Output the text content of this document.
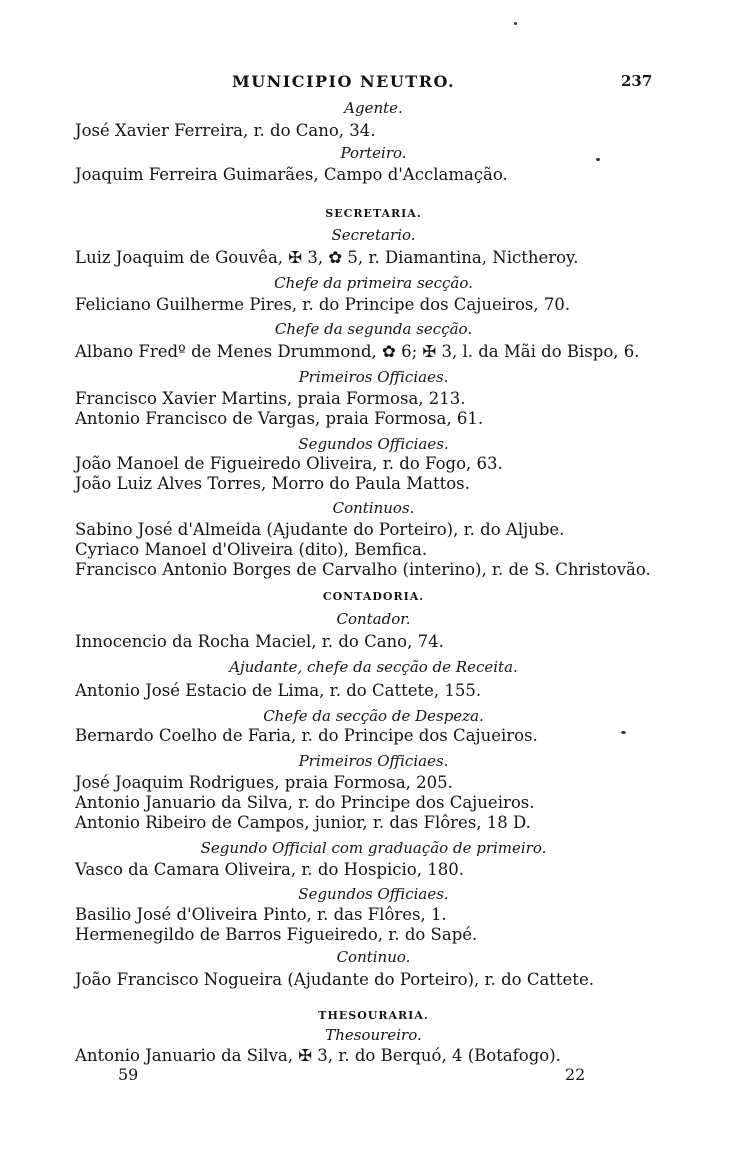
MUNICIPIO NEUTRO.	237
Agente.
José Xavier Ferreira, r. do Cano, 34.
Porteiro.
Joaquim Ferreira Guimarães, Campo d'Acclamação.
SECRETARIA.
Secretario.
Luiz Joaquim de Gouvêa, ✠ 3, ✿ 5, r. Diamantina, Nictheroy.
Chefe da primeira secção.
Feliciano Guilherme Pires, r. do Principe dos Cajueiros, 70.
Chefe da segunda secção.
Albano Fredº de Menes Drummond, ✿ 6; ✠ 3, l. da Mãi do Bispo, 6.
Primeiros Officiaes.
Francisco Xavier Martins, praia Formosa, 213.
Antonio Francisco de Vargas, praia Formosa, 61.
Segundos Officiaes.
João Manoel de Figueiredo Oliveira, r. do Fogo, 63.
João Luiz Alves Torres, Morro do Paula Mattos.
Continuos.
Sabino José d'Almeida (Ajudante do Porteiro), r. do Aljube.
Cyriaco Manoel d'Oliveira (dito), Bemfica.
Francisco Antonio Borges de Carvalho (interino), r. de S. Christovão.
CONTADORIA.
Contador.
Innocencio da Rocha Maciel, r. do Cano, 74.
Ajudante, chefe da secção de Receita.
Antonio José Estacio de Lima, r. do Cattete, 155.
Chefe da secção de Despeza.
Bernardo Coelho de Faria, r. do Principe dos Cajueiros.
Primeiros Officiaes.
José Joaquim Rodrigues, praia Formosa, 205.
Antonio Januario da Silva, r. do Principe dos Cajueiros.
Antonio Ribeiro de Campos, junior, r. das Flôres, 18 D.
Segundo Official com graduação de primeiro.
Vasco da Camara Oliveira, r. do Hospicio, 180.
Segundos Officiaes.
Basilio José d'Oliveira Pinto, r. das Flôres, 1.
Hermenegildo de Barros Figueiredo, r. do Sapé.
Continuo.
João Francisco Nogueira (Ajudante do Porteiro), r. do Cattete.
THESOURARIA.
Thesoureiro.
Antonio Januario da Silva, ✠ 3, r. do Berquó, 4 (Botafogo).
59	22
